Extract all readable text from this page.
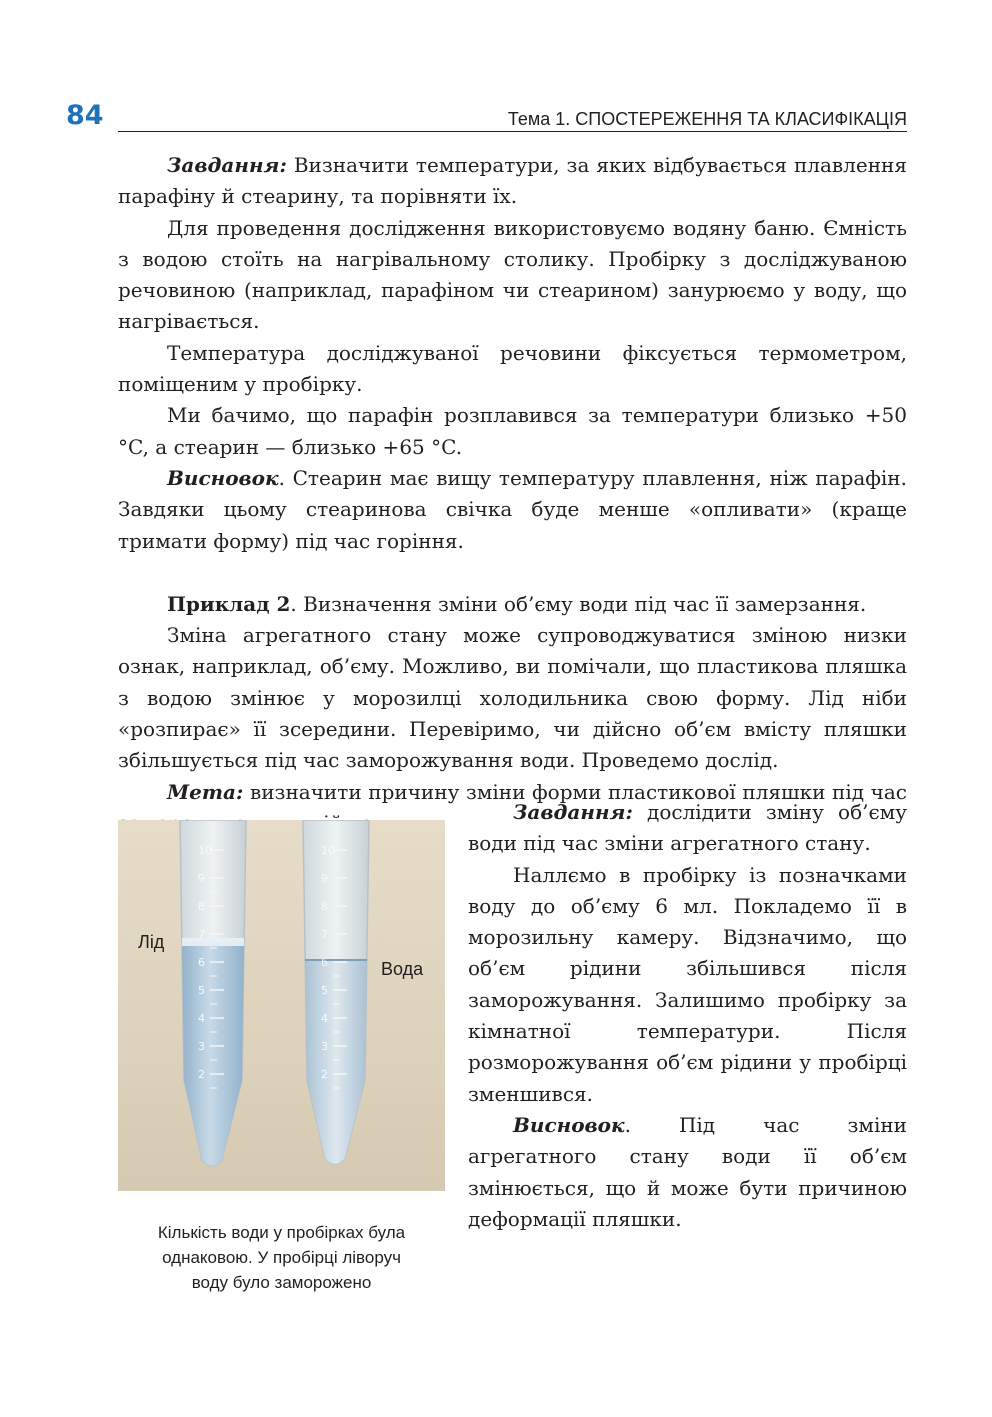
84	Тема 1. СПОСТЕРЕЖЕННЯ ТА КЛАСИФІКАЦІЯ

Завдання: Визначити температури, за яких відбувається плавлення парафіну й стеарину, та порівняти їх.

Для проведення дослідження використовуємо водяну баню. Ємність з водою стоїть на нагрівальному столику. Пробірку з досліджуваною речовиною (наприклад, парафіном чи стеарином) занурюємо у воду, що нагрівається.

Температура досліджуваної речовини фіксується термометром, поміщеним у пробірку.

Ми бачимо, що парафін розплавився за температури близько +50 °C, а стеарин — близько +65 °C.

Висновок. Стеарин має вищу температуру плавлення, ніж парафін. Завдяки цьому стеаринова свічка буде менше «опливати» (краще тримати форму) під час горіння.

Приклад 2. Визначення зміни об’єму води під час її замерзання.

Зміна агрегатного стану може супроводжуватися зміною низки ознак, наприклад, об’єму. Можливо, ви помічали, що пластикова пляшка з водою змінює у морозилці холодильника свою форму. Лід ніби «розпирає» її зсередини. Перевіримо, чи дійсно об’єм вмісту пляшки збільшується під час заморожування води. Проведемо дослід.

Мета: визначити причину зміни форми пластикової пляшки під час

2
3
4
5
6
7
8
9
10
2
3
4
5
6
7
8
9
10
Лід
Вода
Кількість води у пробірках була
однаковою. У пробірці ліворуч
воду було заморожено

Завдання: дослідити зміну об’єму води під час зміни агрегатного стану.

Наллємо в пробірку із позначками воду до об’єму 6 мл. Покладемо її в морозильну камеру. Відзначимо, що об’єм рідини збільшився після заморожування. Залишимо пробірку за кімнатної температури. Після розморожування об’єм рідини у пробірці зменшився.

Висновок. Під час зміни агрегатного стану води її об’єм змінюється, що й може бути причиною деформації пляшки.
